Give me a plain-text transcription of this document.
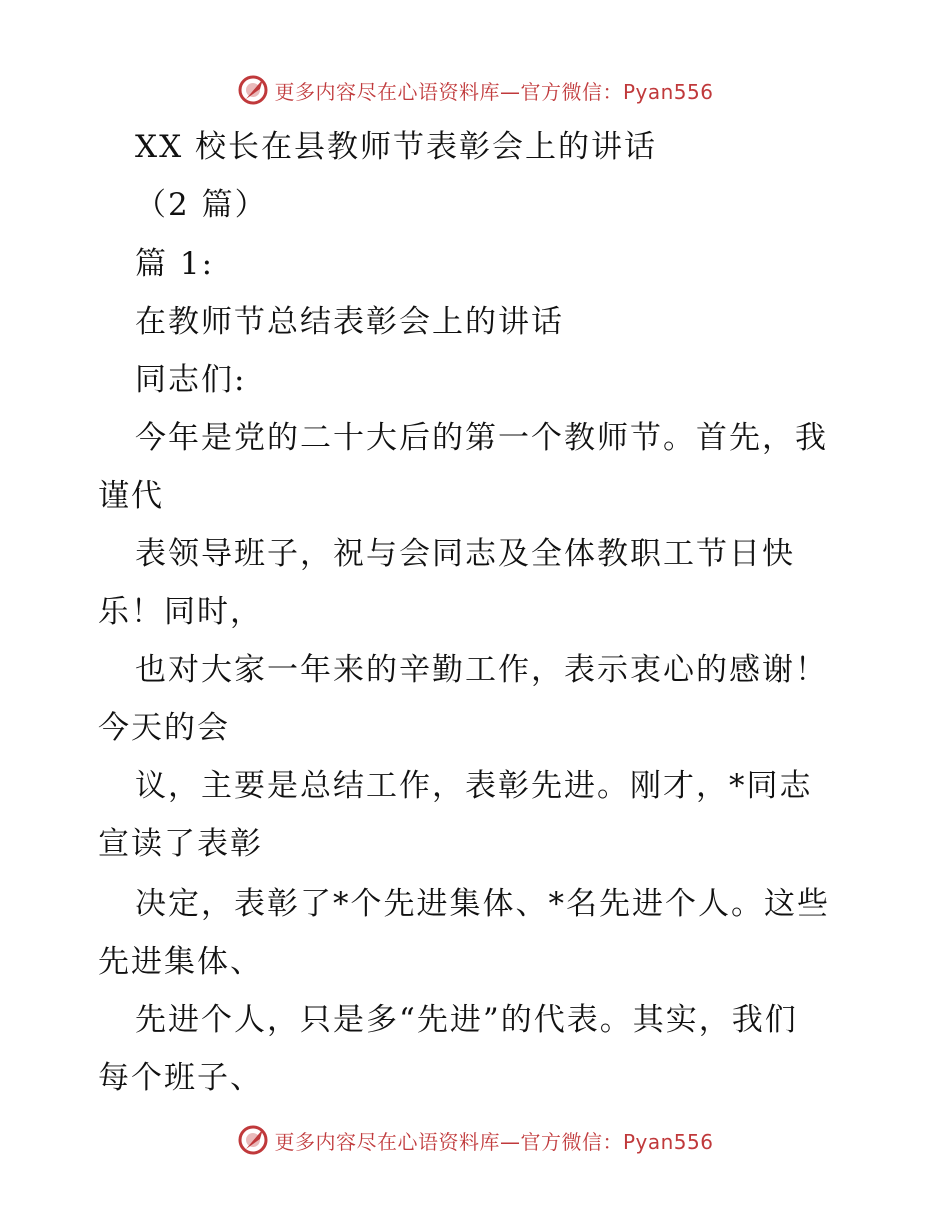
更多内容尽在心语资料库—官方微信：Pyan556
XX 校长在县教师节表彰会上的讲话
（2 篇）
篇 1:
在教师节总结表彰会上的讲话
同志们:
今年是党的二十大后的第一个教师节。首先，我
谨代
表领导班子，祝与会同志及全体教职工节日快
乐！同时，
也对大家一年来的辛勤工作，表示衷心的感谢！
今天的会
议，主要是总结工作，表彰先进。刚才，*同志
宣读了表彰
决定，表彰了*个先进集体、*名先进个人。这些
先进集体、
先进个人，只是多“先进”的代表。其实，我们
每个班子、
更多内容尽在心语资料库—官方微信：Pyan556
